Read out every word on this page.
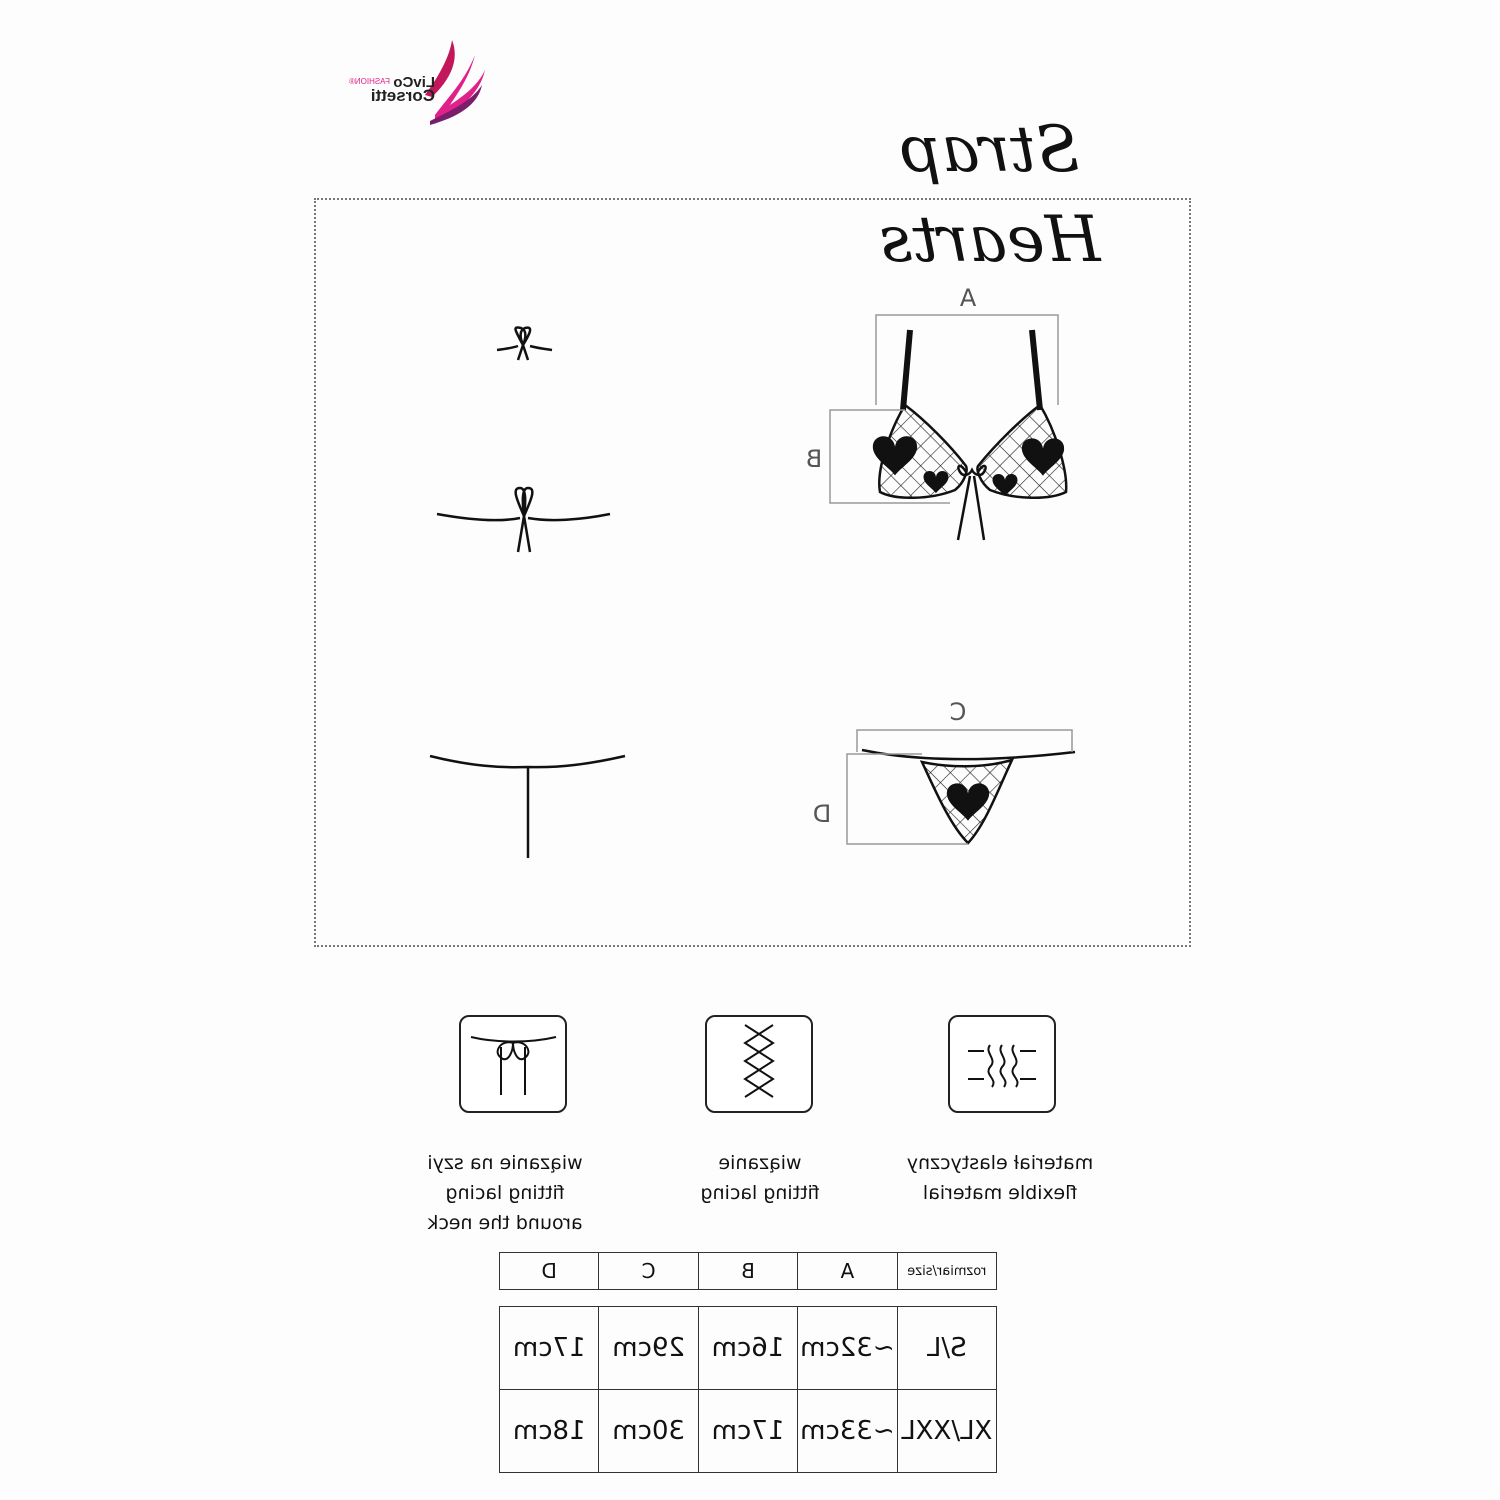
LivCo
FASHION®
Corsetti
Strap Hearts
A
B
C
D
wiązanie na szyi
fitting lacing
around the neck
wiązanie
fitting lacing
materiał elastyczny
flexible material
rozmiar/size	A	B	C	D
S/L	~32cm	16cm	29cm	17cm
XL/XXL	~33cm	17cm	30cm	18cm
